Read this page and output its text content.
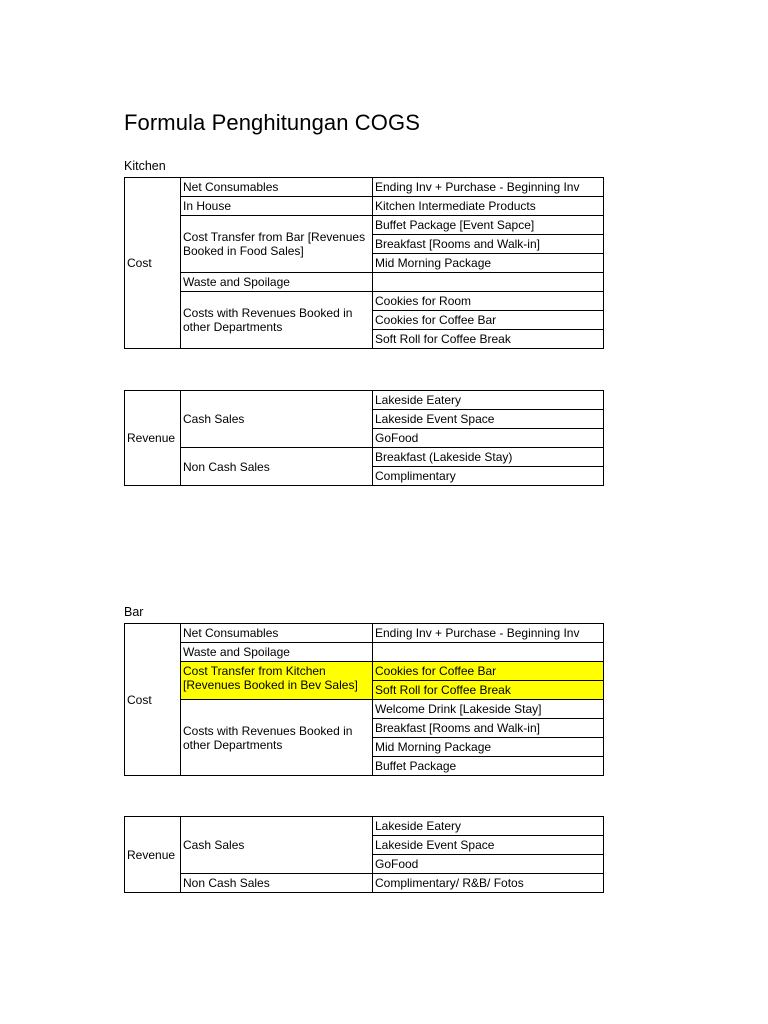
Formula Penghitungan COGS
Kitchen
Cost	Net Consumables	Ending Inv + Purchase - Beginning Inv
	In House	Kitchen Intermediate Products
	Cost Transfer from Bar [Revenues Booked in Food Sales]	Buffet Package [Event Sapce]
		Breakfast [Rooms and Walk-in]
		Mid Morning Package
	Waste and Spoilage	
	Costs with Revenues Booked in other Departments	Cookies for Room
		Cookies for Coffee Bar
		Soft Roll for Coffee Break
Revenue	Cash Sales	Lakeside Eatery
		Lakeside Event Space
		GoFood
	Non Cash Sales	Breakfast (Lakeside Stay)
		Complimentary
Bar
Cost	Net Consumables	Ending Inv + Purchase - Beginning Inv
	Waste and Spoilage	
	Cost Transfer from Kitchen [Revenues Booked in Bev Sales]	Cookies for Coffee Bar
		Soft Roll for Coffee Break
	Costs with Revenues Booked in other Departments	Welcome Drink [Lakeside Stay]
		Breakfast [Rooms and Walk-in]
		Mid Morning Package
		Buffet Package
Revenue	Cash Sales	Lakeside Eatery
		Lakeside Event Space
		GoFood
	Non Cash Sales	Complimentary/ R&B/ Fotos
